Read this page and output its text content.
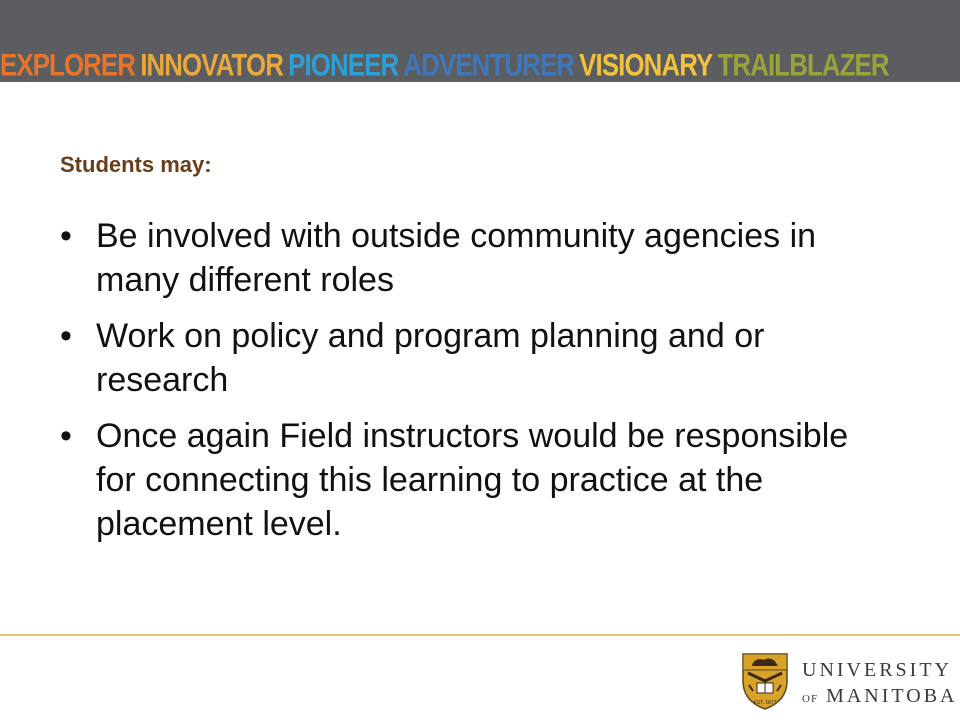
EXPLORER INNOVATOR PIONEER ADVENTURER VISIONARY TRAILBLAZER
Students may:
• Be involved with outside community agencies in many different roles
• Work on policy and program planning and or research
• Once again Field instructors would be responsible for connecting this learning to practice at the placement level.
EST. 1877
UNIVERSITY
OF MANITOBA
